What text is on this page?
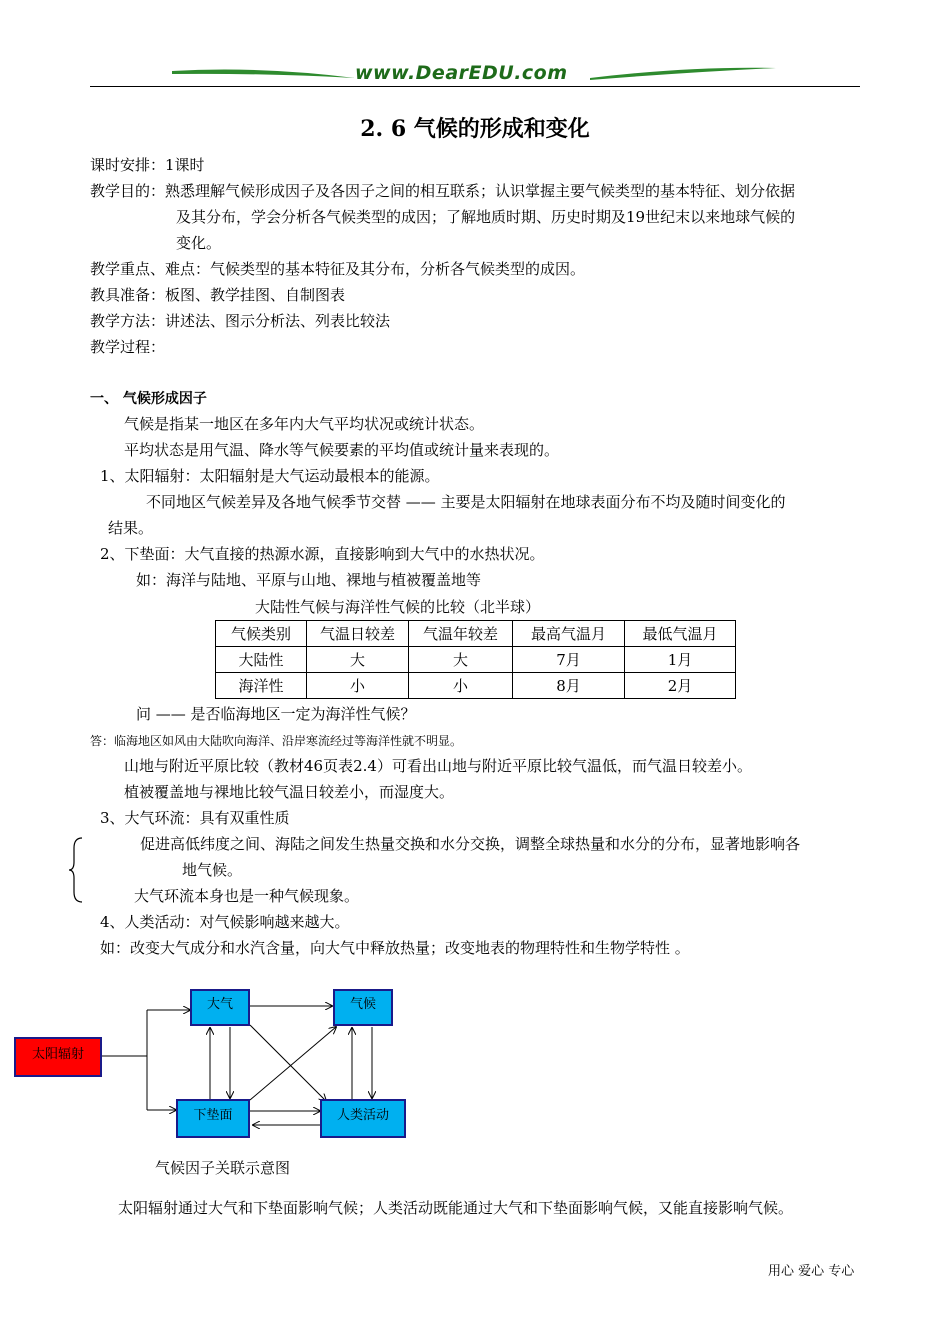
www.DearEDU.com
2. 6 气候的形成和变化
课时安排：1课时
教学目的：熟悉理解气候形成因子及各因子之间的相互联系；认识掌握主要气候类型的基本特征、划分依据
及其分布，学会分析各气候类型的成因；了解地质时期、历史时期及19世纪末以来地球气候的
变化。
教学重点、难点：气候类型的基本特征及其分布，分析各气候类型的成因。
教具准备：板图、教学挂图、自制图表
教学方法：讲述法、图示分析法、列表比较法
教学过程：
一、 气候形成因子
气候是指某一地区在多年内大气平均状况或统计状态。
平均状态是用气温、降水等气候要素的平均值或统计量来表现的。
1、太阳辐射：太阳辐射是大气运动最根本的能源。
不同地区气候差异及各地气候季节交替 —— 主要是太阳辐射在地球表面分布不均及随时间变化的
结果。
2、下垫面：大气直接的热源水源，直接影响到大气中的水热状况。
如：海洋与陆地、平原与山地、裸地与植被覆盖地等
大陆性气候与海洋性气候的比较（北半球）
气候类别	气温日较差	气温年较差	最高气温月	最低气温月
大陆性	大	大	7月	1月
海洋性	小	小	8月	2月
问 —— 是否临海地区一定为海洋性气候？
答：临海地区如风由大陆吹向海洋、沿岸寒流经过等海洋性就不明显。
山地与附近平原比较（教材46页表2.4）可看出山地与附近平原比较气温低，而气温日较差小。
植被覆盖地与裸地比较气温日较差小，而湿度大。
3、大气环流：具有双重性质
促进高低纬度之间、海陆之间发生热量交换和水分交换，调整全球热量和水分的分布，显著地影响各
地气候。
大气环流本身也是一种气候现象。
4、人类活动：对气候影响越来越大。
如：改变大气成分和水汽含量，向大气中释放热量；改变地表的物理特性和生物学特性 。
大气	气候
下垫面	人类活动
太阳辐射
气候因子关联示意图
太阳辐射通过大气和下垫面影响气候；人类活动既能通过大气和下垫面影响气候，又能直接影响气候。
用心 爱心 专心
